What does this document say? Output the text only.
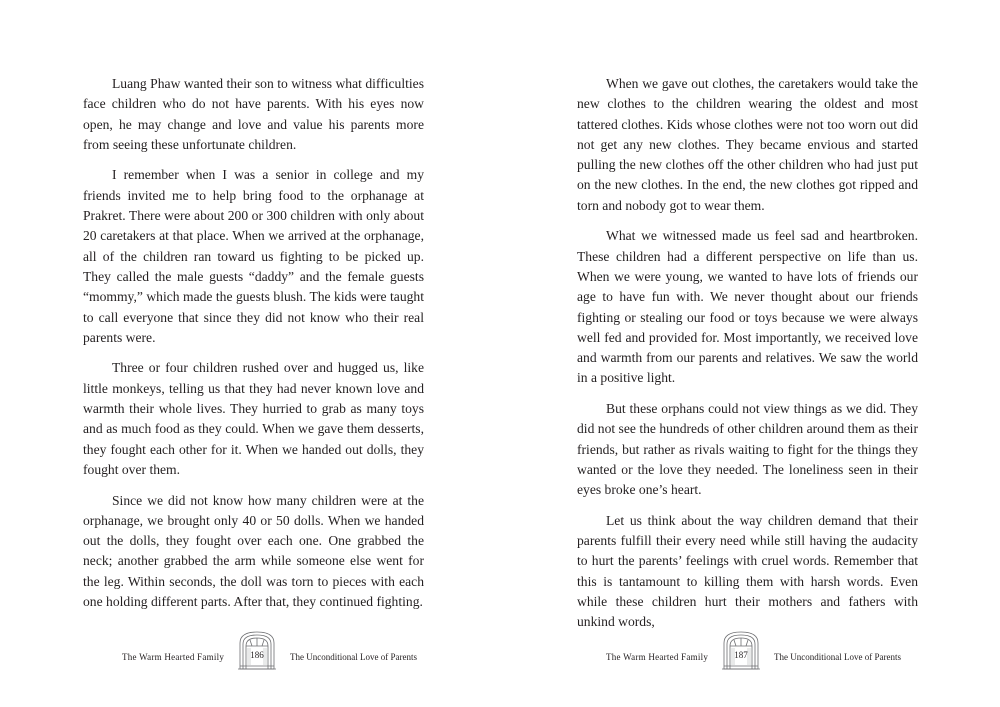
Luang Phaw wanted their son to witness what difficulties face children who do not have parents. With his eyes now open, he may change and love and value his parents more from seeing these unfortunate children.

I remember when I was a senior in college and my friends invited me to help bring food to the orphanage at Prakret. There were about 200 or 300 children with only about 20 caretakers at that place. When we arrived at the orphanage, all of the children ran toward us fighting to be picked up. They called the male guests “daddy” and the female guests “mommy,” which made the guests blush. The kids were taught to call everyone that since they did not know who their real parents were.

Three or four children rushed over and hugged us, like little monkeys, telling us that they had never known love and warmth their whole lives. They hurried to grab as many toys and as much food as they could. When we gave them desserts, they fought each other for it. When we handed out dolls, they fought over them.

Since we did not know how many children were at the orphanage, we brought only 40 or 50 dolls. When we handed out the dolls, they fought over each one. One grabbed the neck; another grabbed the arm while someone else went for the leg. Within seconds, the doll was torn to pieces with each one holding different parts. After that, they continued fighting.

The Warm Hearted Family	186	The Unconditional Love of Parents

When we gave out clothes, the caretakers would take the new clothes to the children wearing the oldest and most tattered clothes. Kids whose clothes were not too worn out did not get any new clothes. They became envious and started pulling the new clothes off the other children who had just put on the new clothes. In the end, the new clothes got ripped and torn and nobody got to wear them.

What we witnessed made us feel sad and heartbroken. These children had a different perspective on life than us. When we were young, we wanted to have lots of friends our age to have fun with. We never thought about our friends fighting or stealing our food or toys because we were always well fed and provided for. Most importantly, we received love and warmth from our parents and relatives. We saw the world in a positive light.

But these orphans could not view things as we did. They did not see the hundreds of other children around them as their friends, but rather as rivals waiting to fight for the things they wanted or the love they needed. The loneliness seen in their eyes broke one’s heart.

Let us think about the way children demand that their parents fulfill their every need while still having the audacity to hurt the parents’ feelings with cruel words. Remember that this is tantamount to killing them with harsh words. Even while these children hurt their mothers and fathers with unkind words,

The Warm Hearted Family	187	The Unconditional Love of Parents
